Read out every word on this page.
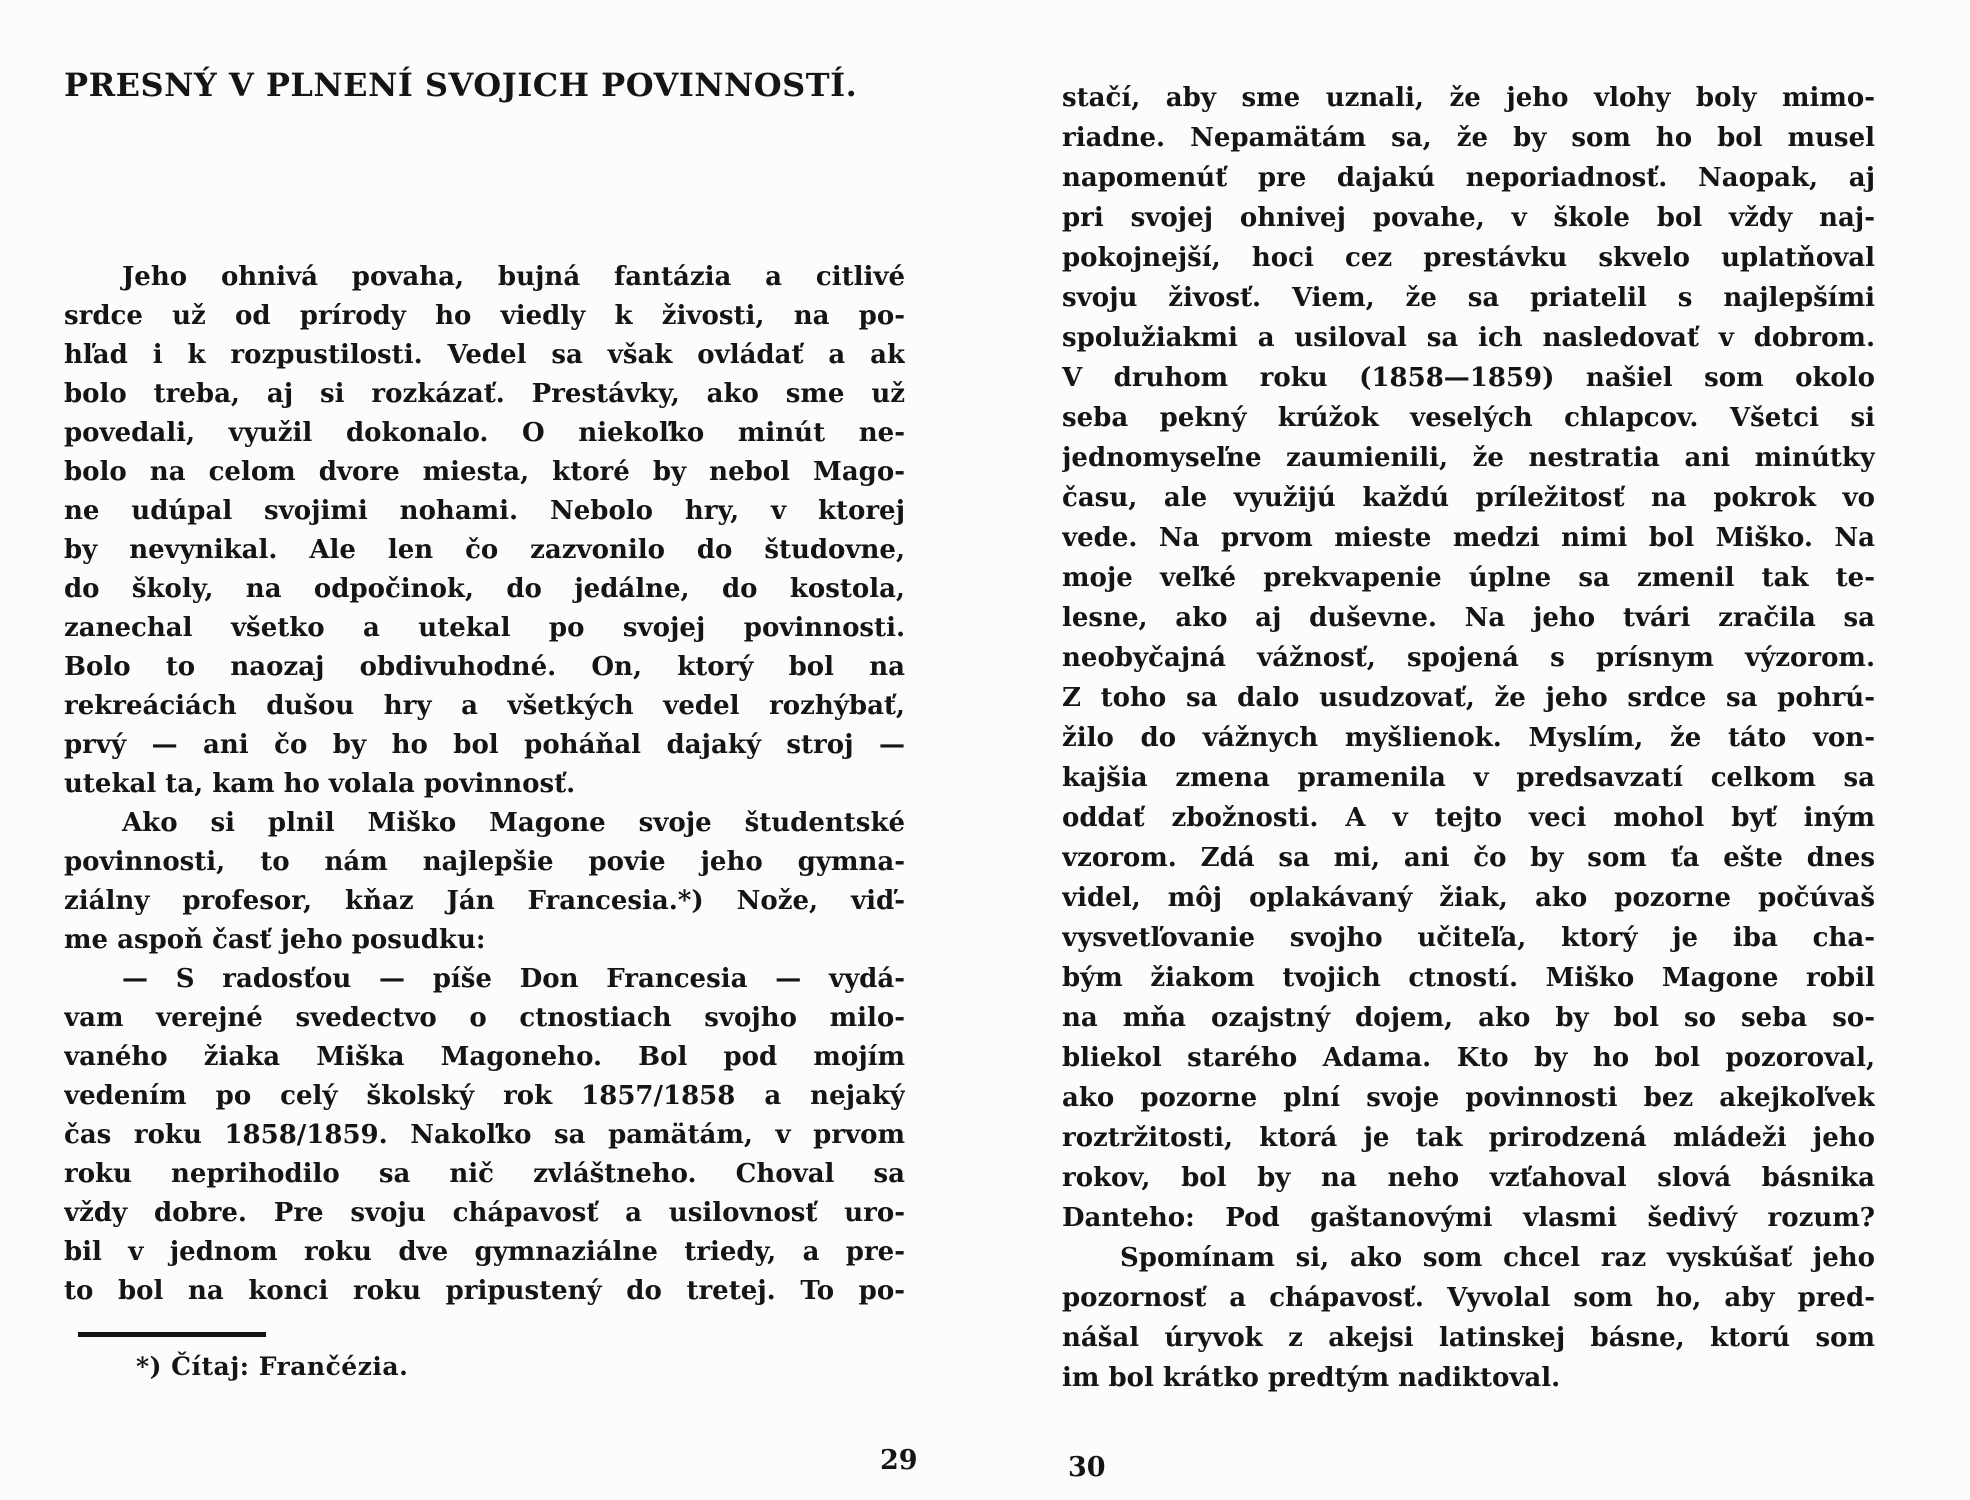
PRESNÝ V PLNENÍ SVOJICH POVINNOSTÍ.
Jeho ohnivá povaha, bujná fantázia a citlivé
srdce už od prírody ho viedly k živosti, na po-
hľad i k rozpustilosti. Vedel sa však ovládať a ak
bolo treba, aj si rozkázať. Prestávky, ako sme už
povedali, využil dokonalo. O niekoľko minút ne-
bolo na celom dvore miesta, ktoré by nebol Mago-
ne udúpal svojimi nohami. Nebolo hry, v ktorej
by nevynikal. Ale len čo zazvonilo do študovne,
do školy, na odpočinok, do jedálne, do kostola,
zanechal všetko a utekal po svojej povinnosti.
Bolo to naozaj obdivuhodné. On, ktorý bol na
rekreáciách dušou hry a všetkých vedel rozhýbať,
prvý — ani čo by ho bol poháňal dajaký stroj —
utekal ta, kam ho volala povinnosť.
Ako si plnil Miško Magone svoje študentské
povinnosti, to nám najlepšie povie jeho gymna-
ziálny profesor, kňaz Ján Francesia.*) Nože, viď-
me aspoň časť jeho posudku:
— S radosťou — píše Don Francesia — vydá-
vam verejné svedectvo o ctnostiach svojho milo-
vaného žiaka Miška Magoneho. Bol pod mojím
vedením po celý školský rok 1857/1858 a nejaký
čas roku 1858/1859. Nakoľko sa pamätám, v prvom
roku neprihodilo sa nič zvláštneho. Choval sa
vždy dobre. Pre svoju chápavosť a usilovnosť uro-
bil v jednom roku dve gymnaziálne triedy, a pre-
to bol na konci roku pripustený do tretej. To po-
*) Čítaj: Frančézia.
stačí, aby sme uznali, že jeho vlohy boly mimo-
riadne. Nepamätám sa, že by som ho bol musel
napomenúť pre dajakú neporiadnosť. Naopak, aj
pri svojej ohnivej povahe, v škole bol vždy naj-
pokojnejší, hoci cez prestávku skvelo uplatňoval
svoju živosť. Viem, že sa priatelil s najlepšími
spolužiakmi a usiloval sa ich nasledovať v dobrom.
V druhom roku (1858—1859) našiel som okolo
seba pekný krúžok veselých chlapcov. Všetci si
jednomyseľne zaumienili, že nestratia ani minútky
času, ale využijú každú príležitosť na pokrok vo
vede. Na prvom mieste medzi nimi bol Miško. Na
moje veľké prekvapenie úplne sa zmenil tak te-
lesne, ako aj duševne. Na jeho tvári zračila sa
neobyčajná vážnosť, spojená s prísnym výzorom.
Z toho sa dalo usudzovať, že jeho srdce sa pohrú-
žilo do vážnych myšlienok. Myslím, že táto von-
kajšia zmena pramenila v predsavzatí celkom sa
oddať zbožnosti. A v tejto veci mohol byť iným
vzorom. Zdá sa mi, ani čo by som ťa ešte dnes
videl, môj oplakávaný žiak, ako pozorne počúvaš
vysvetľovanie svojho učiteľa, ktorý je iba cha-
bým žiakom tvojich ctností. Miško Magone robil
na mňa ozajstný dojem, ako by bol so seba so-
bliekol starého Adama. Kto by ho bol pozoroval,
ako pozorne plní svoje povinnosti bez akejkoľvek
roztržitosti, ktorá je tak prirodzená mládeži jeho
rokov, bol by na neho vzťahoval slová básnika
Danteho: Pod gaštanovými vlasmi šedivý rozum?
Spomínam si, ako som chcel raz vyskúšať jeho
pozornosť a chápavosť. Vyvolal som ho, aby pred-
nášal úryvok z akejsi latinskej básne, ktorú som
im bol krátko predtým nadiktoval.
29	30
